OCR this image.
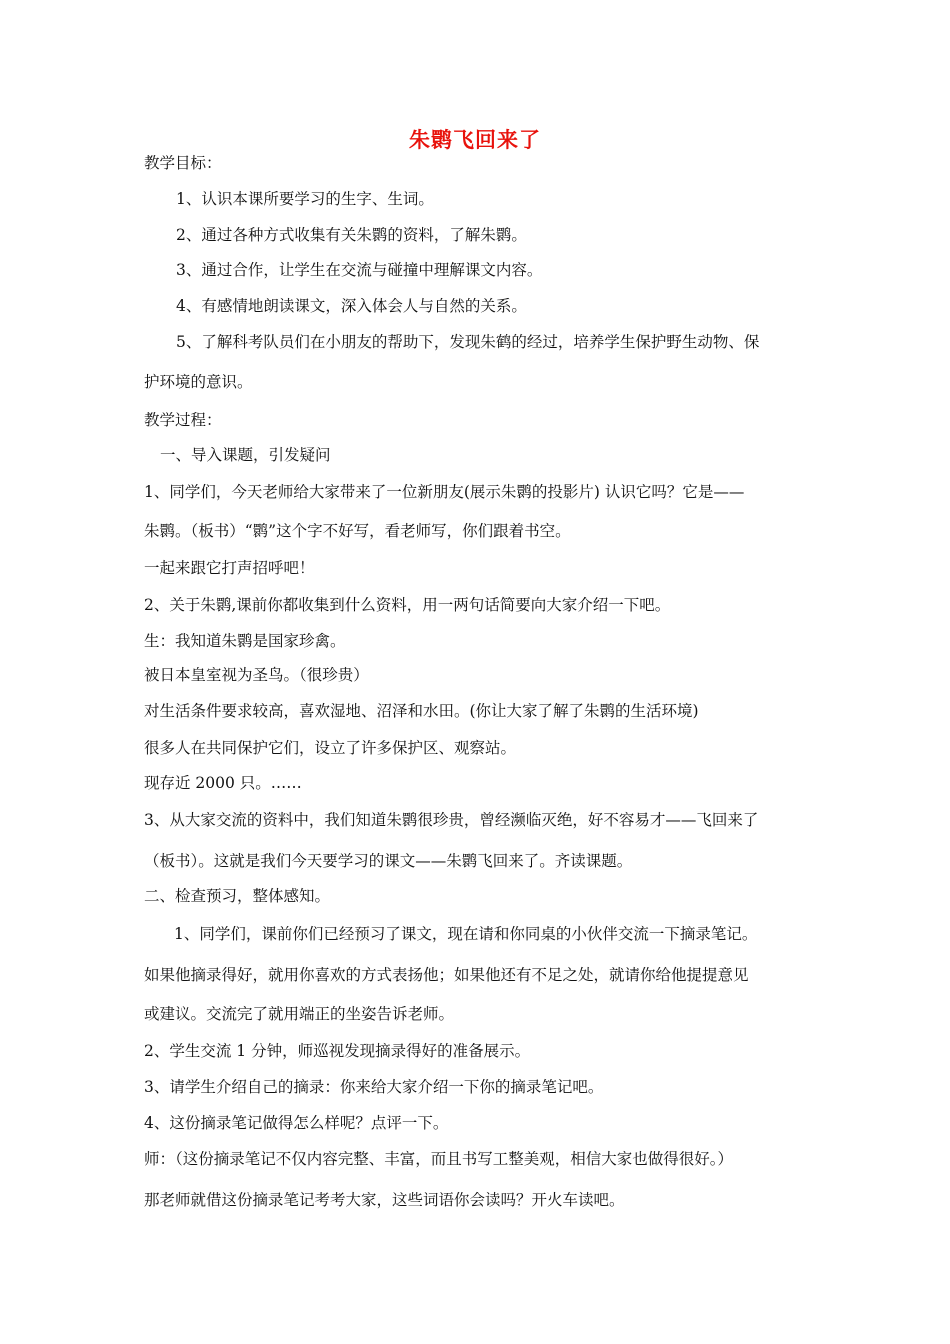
朱鹮飞回来了
教学目标：
1、认识本课所要学习的生字、生词。
2、通过各种方式收集有关朱鹮的资料，了解朱鹮。
3、通过合作，让学生在交流与碰撞中理解课文内容。
4、有感情地朗读课文，深入体会人与自然的关系。
5、了解科考队员们在小朋友的帮助下，发现朱鹤的经过，培养学生保护野生动物、保
护环境的意识。
教学过程：
一、导入课题，引发疑问
1、同学们，今天老师给大家带来了一位新朋友(展示朱鹮的投影片) 认识它吗？它是——
朱鹮。（板书）“鹮”这个字不好写，看老师写，你们跟着书空。
一起来跟它打声招呼吧！
2、关于朱鹮,课前你都收集到什么资料，用一两句话简要向大家介绍一下吧。
生：我知道朱鹮是国家珍禽。
被日本皇室视为圣鸟。（很珍贵）
对生活条件要求较高，喜欢湿地、沼泽和水田。(你让大家了解了朱鹮的生活环境)
很多人在共同保护它们，设立了许多保护区、观察站。
现存近 2000 只。……
3、从大家交流的资料中，我们知道朱鹮很珍贵，曾经濒临灭绝，好不容易才——飞回来了
（板书）。这就是我们今天要学习的课文——朱鹮飞回来了。齐读课题。
二、检查预习，整体感知。
1、同学们，课前你们已经预习了课文，现在请和你同桌的小伙伴交流一下摘录笔记。
如果他摘录得好，就用你喜欢的方式表扬他；如果他还有不足之处，就请你给他提提意见
或建议。交流完了就用端正的坐姿告诉老师。
2、学生交流 1 分钟，师巡视发现摘录得好的准备展示。
3、请学生介绍自己的摘录：你来给大家介绍一下你的摘录笔记吧。
4、这份摘录笔记做得怎么样呢？点评一下。
师：（这份摘录笔记不仅内容完整、丰富，而且书写工整美观，相信大家也做得很好。）
那老师就借这份摘录笔记考考大家，这些词语你会读吗？开火车读吧。
